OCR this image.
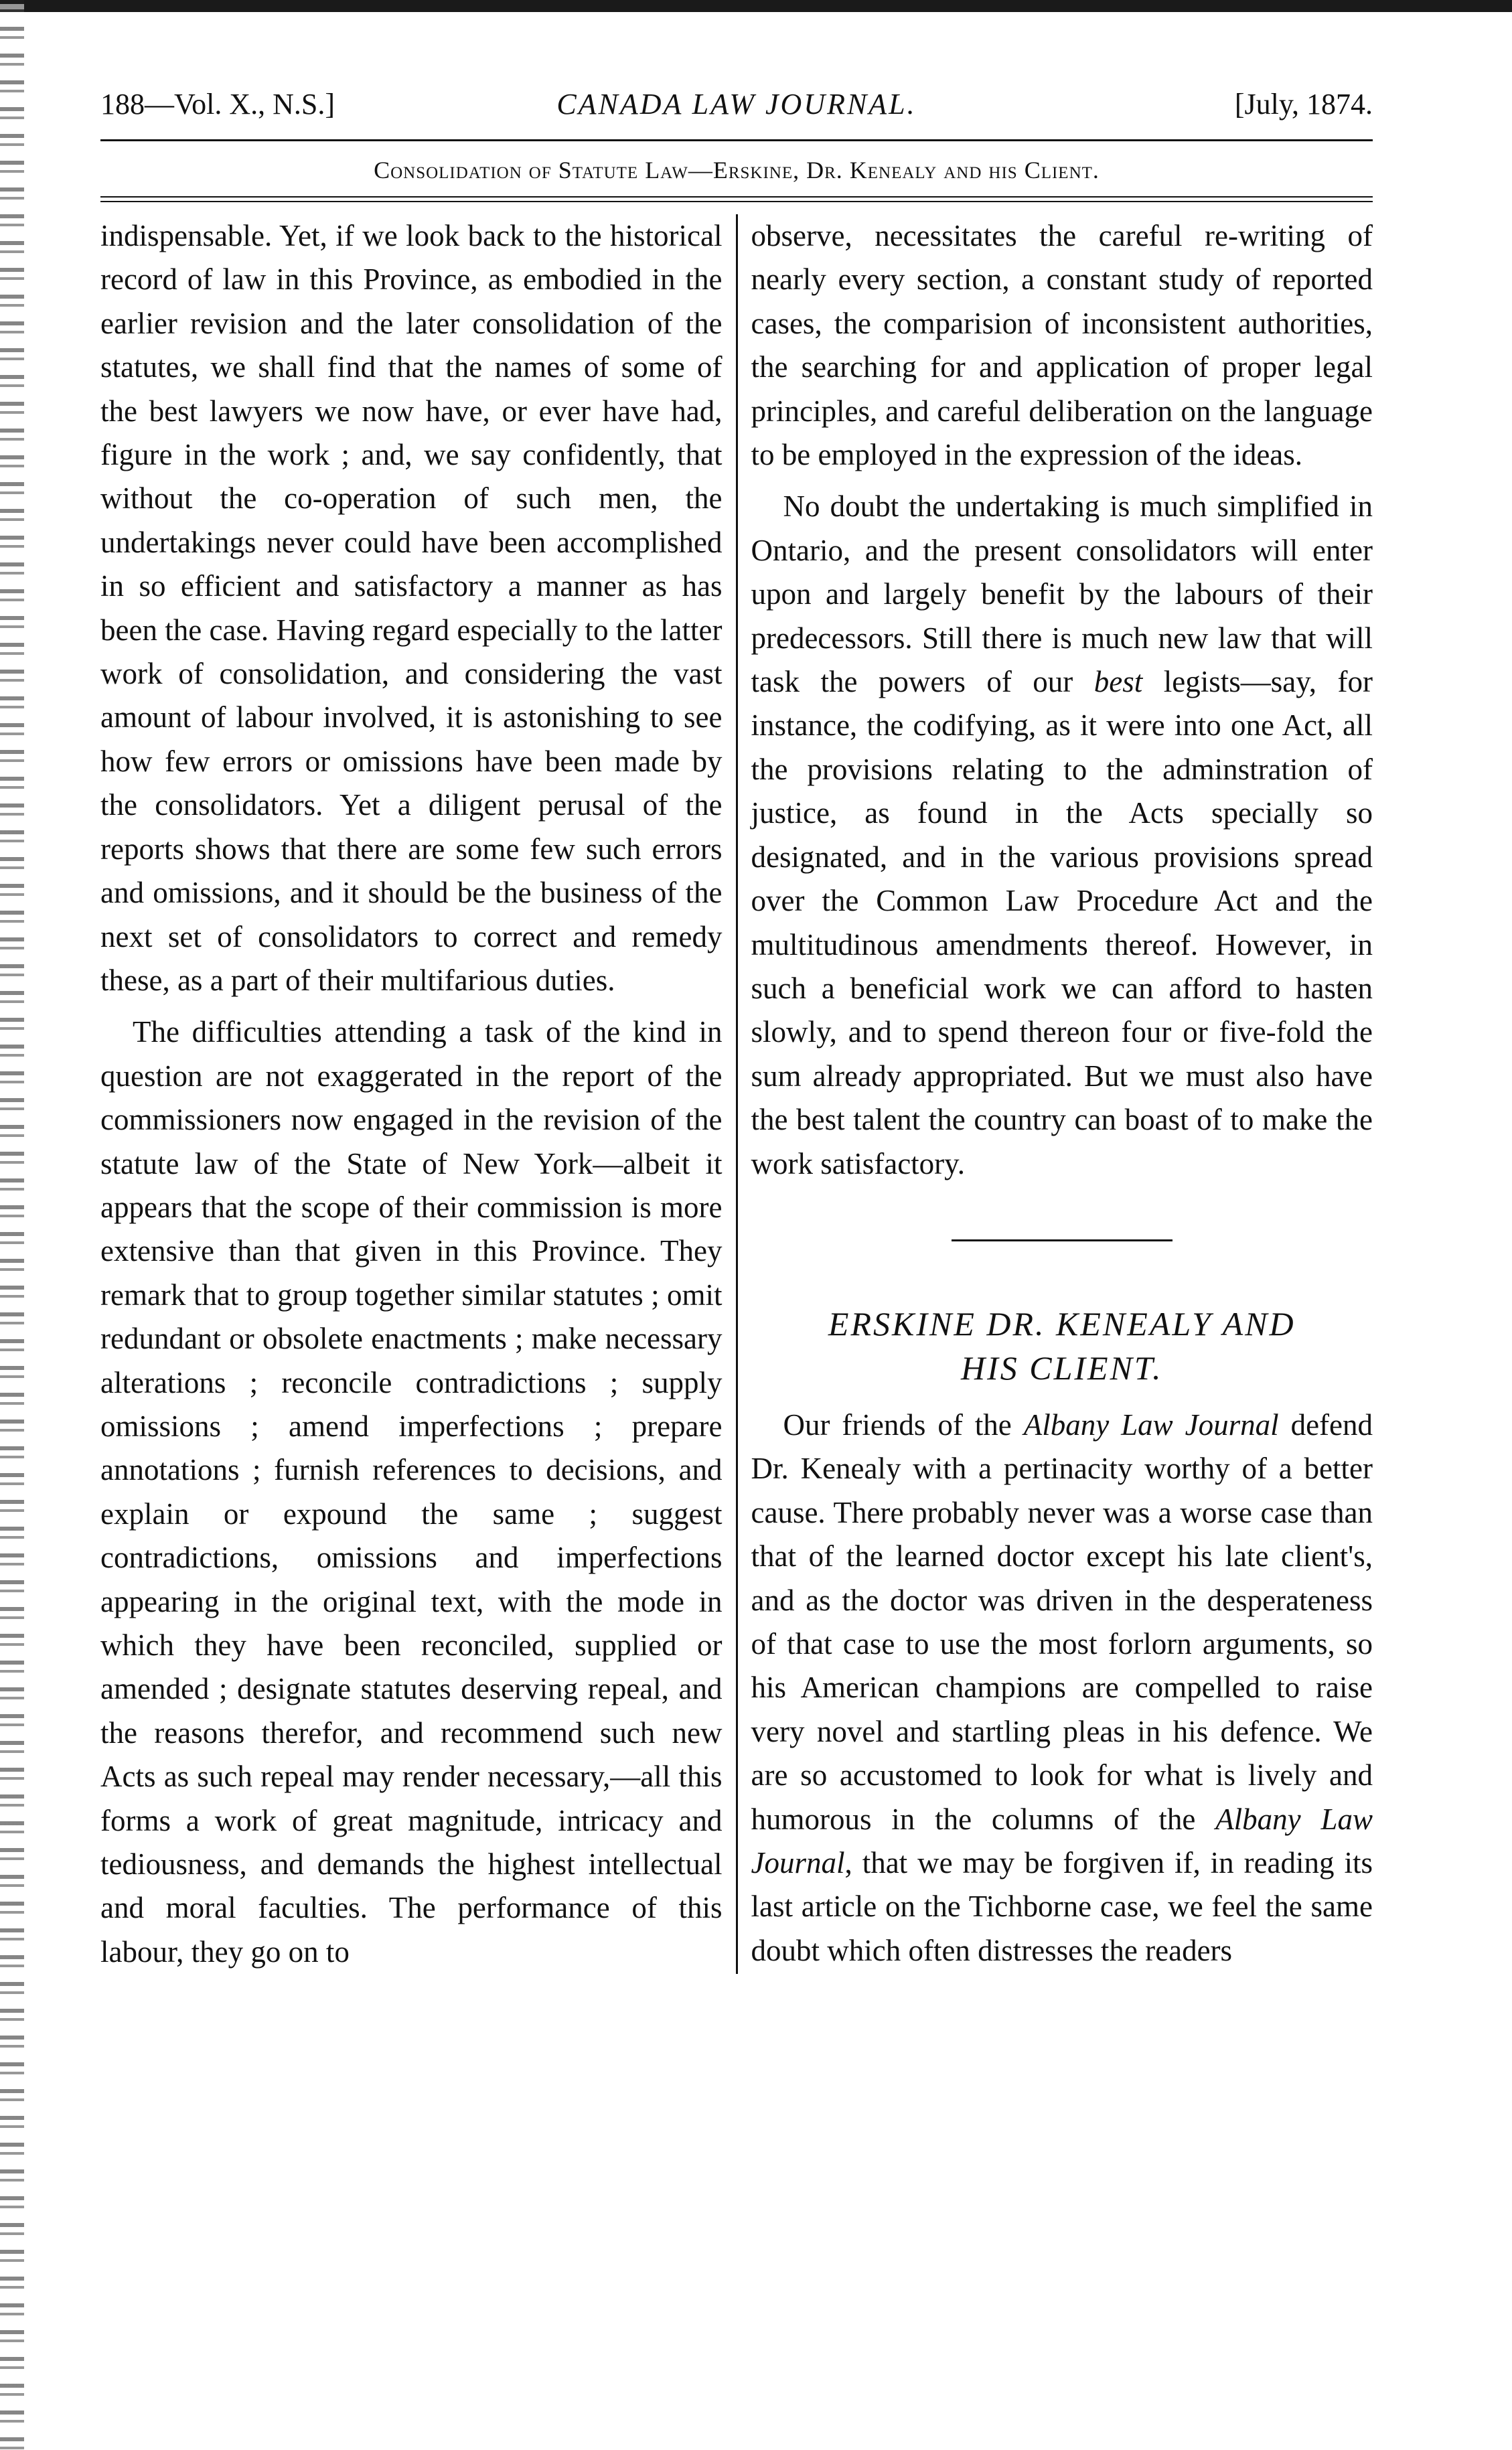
188—Vol. X., N.S.]	CANADA LAW JOURNAL.	[July, 1874.
Consolidation of Statute Law—Erskine, Dr. Kenealy and his Client.

indispensable. Yet, if we look back to the historical record of law in this Province, as embodied in the earlier revision and the later consolidation of the statutes, we shall find that the names of some of the best lawyers we now have, or ever have had, figure in the work ; and, we say confidently, that without the co-operation of such men, the undertakings never could have been accomplished in so efficient and satisfactory a manner as has been the case. Having regard especially to the latter work of consolidation, and considering the vast amount of labour involved, it is astonishing to see how few errors or omissions have been made by the consolidators. Yet a diligent perusal of the reports shows that there are some few such errors and omissions, and it should be the business of the next set of consolidators to correct and remedy these, as a part of their multifarious duties.

The difficulties attending a task of the kind in question are not exaggerated in the report of the commissioners now engaged in the revision of the statute law of the State of New York—albeit it appears that the scope of their commission is more extensive than that given in this Province. They remark that to group together similar statutes ; omit redundant or obsolete enactments ; make necessary alterations ; reconcile contradictions ; supply omissions ; amend imperfections ; prepare annotations ; furnish references to decisions, and explain or expound the same ; suggest contradictions, omissions and imperfections appearing in the original text, with the mode in which they have been reconciled, supplied or amended ; designate statutes deserving repeal, and the reasons therefor, and recommend such new Acts as such repeal may render necessary,—all this forms a work of great magnitude, intricacy and tediousness, and demands the highest intellectual and moral faculties. The performance of this labour, they go on to

observe, necessitates the careful re-writing of nearly every section, a constant study of reported cases, the comparision of inconsistent authorities, the searching for and application of proper legal principles, and careful deliberation on the language to be employed in the expression of the ideas.

No doubt the undertaking is much simplified in Ontario, and the present consolidators will enter upon and largely benefit by the labours of their predecessors. Still there is much new law that will task the powers of our best legists—say, for instance, the codifying, as it were into one Act, all the provisions relating to the adminstration of justice, as found in the Acts specially so designated, and in the various provisions spread over the Common Law Procedure Act and the multitudinous amendments thereof. However, in such a beneficial work we can afford to hasten slowly, and to spend thereon four or five-fold the sum already appropriated. But we must also have the best talent the country can boast of to make the work satisfactory.

ERSKINE DR. KENEALY AND
HIS CLIENT.

Our friends of the Albany Law Journal defend Dr. Kenealy with a pertinacity worthy of a better cause. There probably never was a worse case than that of the learned doctor except his late client's, and as the doctor was driven in the desperateness of that case to use the most forlorn arguments, so his American champions are compelled to raise very novel and startling pleas in his defence. We are so accustomed to look for what is lively and humorous in the columns of the Albany Law Journal, that we may be forgiven if, in reading its last article on the Tichborne case, we feel the same doubt which often distresses the readers
